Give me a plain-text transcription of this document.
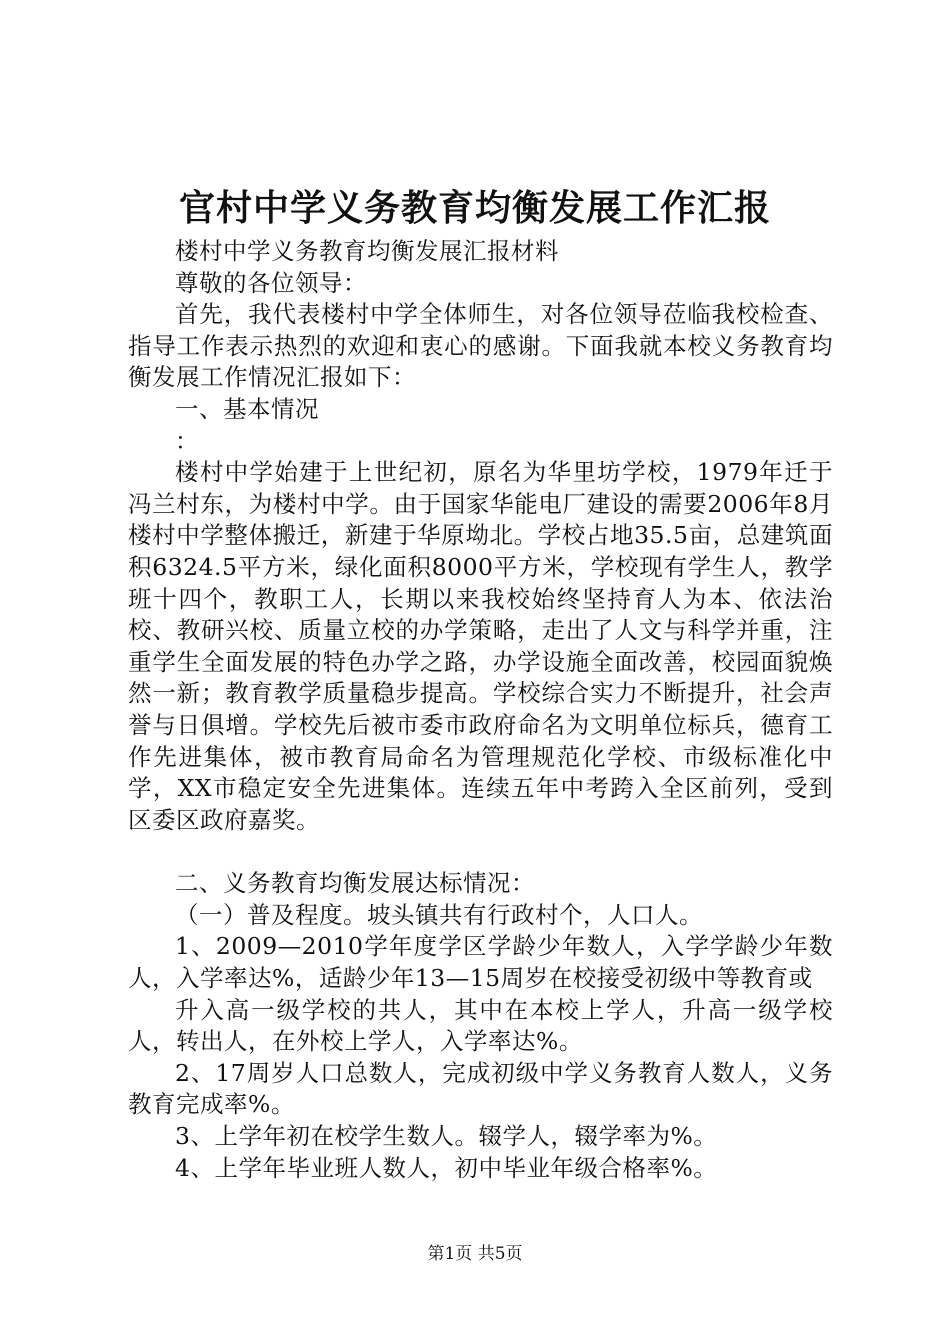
官村中学义务教育均衡发展工作汇报

楼村中学义务教育均衡发展汇报材料

尊敬的各位领导：

首先，我代表楼村中学全体师生，对各位领导莅临我校检查、指导工作表示热烈的欢迎和衷心的感谢。下面我就本校义务教育均衡发展工作情况汇报如下：

一、基本情况

：

楼村中学始建于上世纪初，原名为华里坊学校，1979年迁于冯兰村东，为楼村中学。由于国家华能电厂建设的需要2006年8月楼村中学整体搬迁，新建于华原坳北。学校占地35.5亩，总建筑面积6324.5平方米，绿化面积8000平方米，学校现有学生人，教学班十四个，教职工人，长期以来我校始终坚持育人为本、依法治校、教研兴校、质量立校的办学策略，走出了人文与科学并重，注重学生全面发展的特色办学之路，办学设施全面改善，校园面貌焕然一新；教育教学质量稳步提高。学校综合实力不断提升，社会声誉与日俱增。学校先后被市委市政府命名为文明单位标兵，德育工作先进集体，被市教育局命名为管理规范化学校、市级标准化中学，XX市稳定安全先进集体。连续五年中考跨入全区前列，受到区委区政府嘉奖。

二、义务教育均衡发展达标情况：

（一）普及程度。坡头镇共有行政村个，人口人。

1、2009—2010学年度学区学龄少年数人，入学学龄少年数人，入学率达%，适龄少年13—15周岁在校接受初级中等教育或

升入高一级学校的共人，其中在本校上学人，升高一级学校人，转出人，在外校上学人，入学率达%。

2、17周岁人口总数人，完成初级中学义务教育人数人，义务教育完成率%。

3、上学年初在校学生数人。辍学人，辍学率为%。

4、上学年毕业班人数人，初中毕业年级合格率%。

第1页 共5页
